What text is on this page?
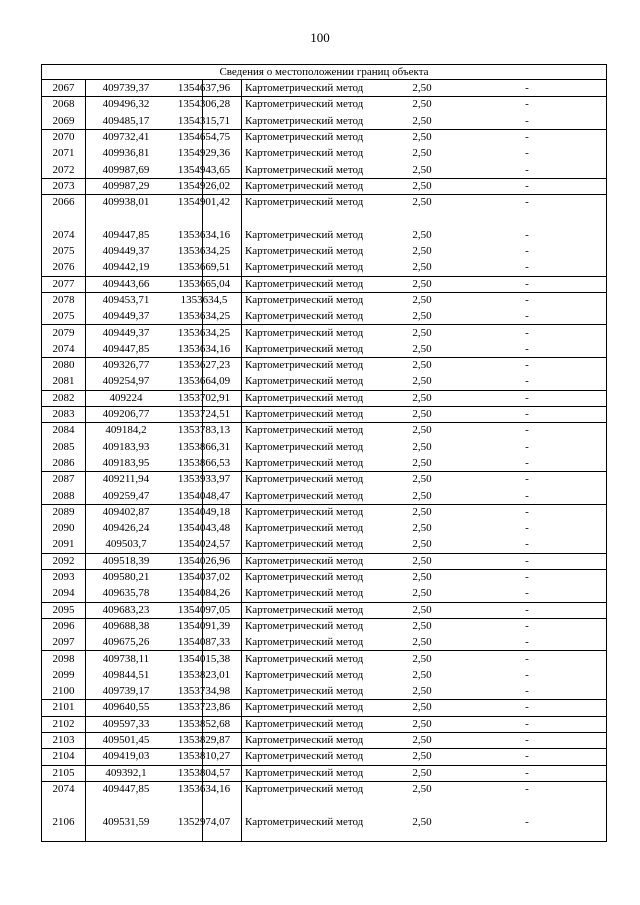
100
Сведения о местоположении границ объекта
2067	409739,37	1354637,96	Картометрический метод	2,50	-
2068	409496,32	1354306,28	Картометрический метод	2,50	-
2069	409485,17	1354315,71	Картометрический метод	2,50	-
2070	409732,41	1354654,75	Картометрический метод	2,50	-
2071	409936,81	1354929,36	Картометрический метод	2,50	-
2072	409987,69	1354943,65	Картометрический метод	2,50	-
2073	409987,29	1354926,02	Картометрический метод	2,50	-
2066	409938,01	1354901,42	Картометрический метод	2,50	-
2074	409447,85	1353634,16	Картометрический метод	2,50	-
2075	409449,37	1353634,25	Картометрический метод	2,50	-
2076	409442,19	1353669,51	Картометрический метод	2,50	-
2077	409443,66	1353665,04	Картометрический метод	2,50	-
2078	409453,71	1353634,5	Картометрический метод	2,50	-
2075	409449,37	1353634,25	Картометрический метод	2,50	-
2079	409449,37	1353634,25	Картометрический метод	2,50	-
2074	409447,85	1353634,16	Картометрический метод	2,50	-
2080	409326,77	1353627,23	Картометрический метод	2,50	-
2081	409254,97	1353664,09	Картометрический метод	2,50	-
2082	409224	1353702,91	Картометрический метод	2,50	-
2083	409206,77	1353724,51	Картометрический метод	2,50	-
2084	409184,2	1353783,13	Картометрический метод	2,50	-
2085	409183,93	1353866,31	Картометрический метод	2,50	-
2086	409183,95	1353866,53	Картометрический метод	2,50	-
2087	409211,94	1353933,97	Картометрический метод	2,50	-
2088	409259,47	1354048,47	Картометрический метод	2,50	-
2089	409402,87	1354049,18	Картометрический метод	2,50	-
2090	409426,24	1354043,48	Картометрический метод	2,50	-
2091	409503,7	1354024,57	Картометрический метод	2,50	-
2092	409518,39	1354026,96	Картометрический метод	2,50	-
2093	409580,21	1354037,02	Картометрический метод	2,50	-
2094	409635,78	1354084,26	Картометрический метод	2,50	-
2095	409683,23	1354097,05	Картометрический метод	2,50	-
2096	409688,38	1354091,39	Картометрический метод	2,50	-
2097	409675,26	1354087,33	Картометрический метод	2,50	-
2098	409738,11	1354015,38	Картометрический метод	2,50	-
2099	409844,51	1353823,01	Картометрический метод	2,50	-
2100	409739,17	1353734,98	Картометрический метод	2,50	-
2101	409640,55	1353723,86	Картометрический метод	2,50	-
2102	409597,33	1353852,68	Картометрический метод	2,50	-
2103	409501,45	1353829,87	Картометрический метод	2,50	-
2104	409419,03	1353810,27	Картометрический метод	2,50	-
2105	409392,1	1353804,57	Картометрический метод	2,50	-
2074	409447,85	1353634,16	Картометрический метод	2,50	-
2106	409531,59	1352974,07	Картометрический метод	2,50	-
